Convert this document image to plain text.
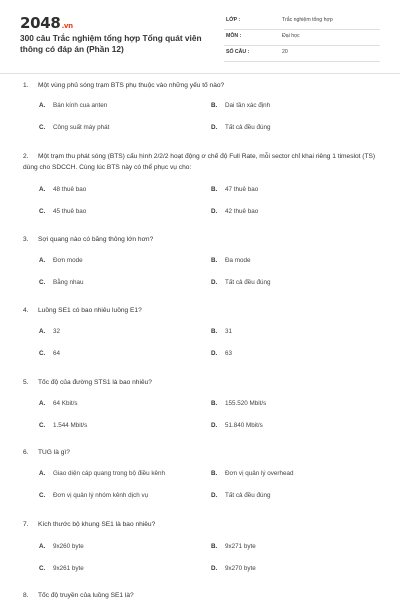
2048.vn
300 câu Trắc nghiệm tổng hợp Tổng quát viên thông có đáp án (Phần 12)
LỚP :	Trắc nghiệm tổng hợp
MÔN :	Đại học
SỐ CÂU :	20
1. Một vùng phủ sóng trạm BTS phụ thuộc vào những yếu tố nào?
A. Bán kính cua anten	B. Dai tần xác định
C. Công suất máy phát	D. Tất cả đều đúng
2. Một trạm thu phát sóng (BTS) cấu hình 2/2/2 hoạt động ơ chế độ Full Rate, mỗi sector chỉ khai riêng 1 timeslot (TS) dùng cho SDCCH. Cùng lúc BTS này có thể phục vụ cho:
A. 48 thuê bao	B. 47 thuê bao
C. 45 thuê bao	D. 42 thuê bao
3. Sợi quang nào có băng thông lớn hơn?
A. Đơn mode	B. Đa mode
C. Bằng nhau	D. Tất cả đều đúng
4. Luồng SE1 có bao nhiêu luồng E1?
A. 32	B. 31
C. 64	D. 63
5. Tốc độ của đường STS1 là bao nhiêu?
A. 64 Kbit/s	B. 155.520 Mbit/s
C. 1.544 Mbit/s	D. 51.840 Mbit/s
6. TUG là gì?
A. Giao diện cáp quang trong bộ điều kênh	B. Đơn vị quản lý overhead
C. Đơn vị quản lý nhóm kênh dịch vụ	D. Tất cả đều đúng
7. Kích thước bộ khung SE1 là bao nhiêu?
A. 9x260 byte	B. 9x271 byte
C. 9x261 byte	D. 9x270 byte
8. Tốc độ truyền của luồng SE1 là?
